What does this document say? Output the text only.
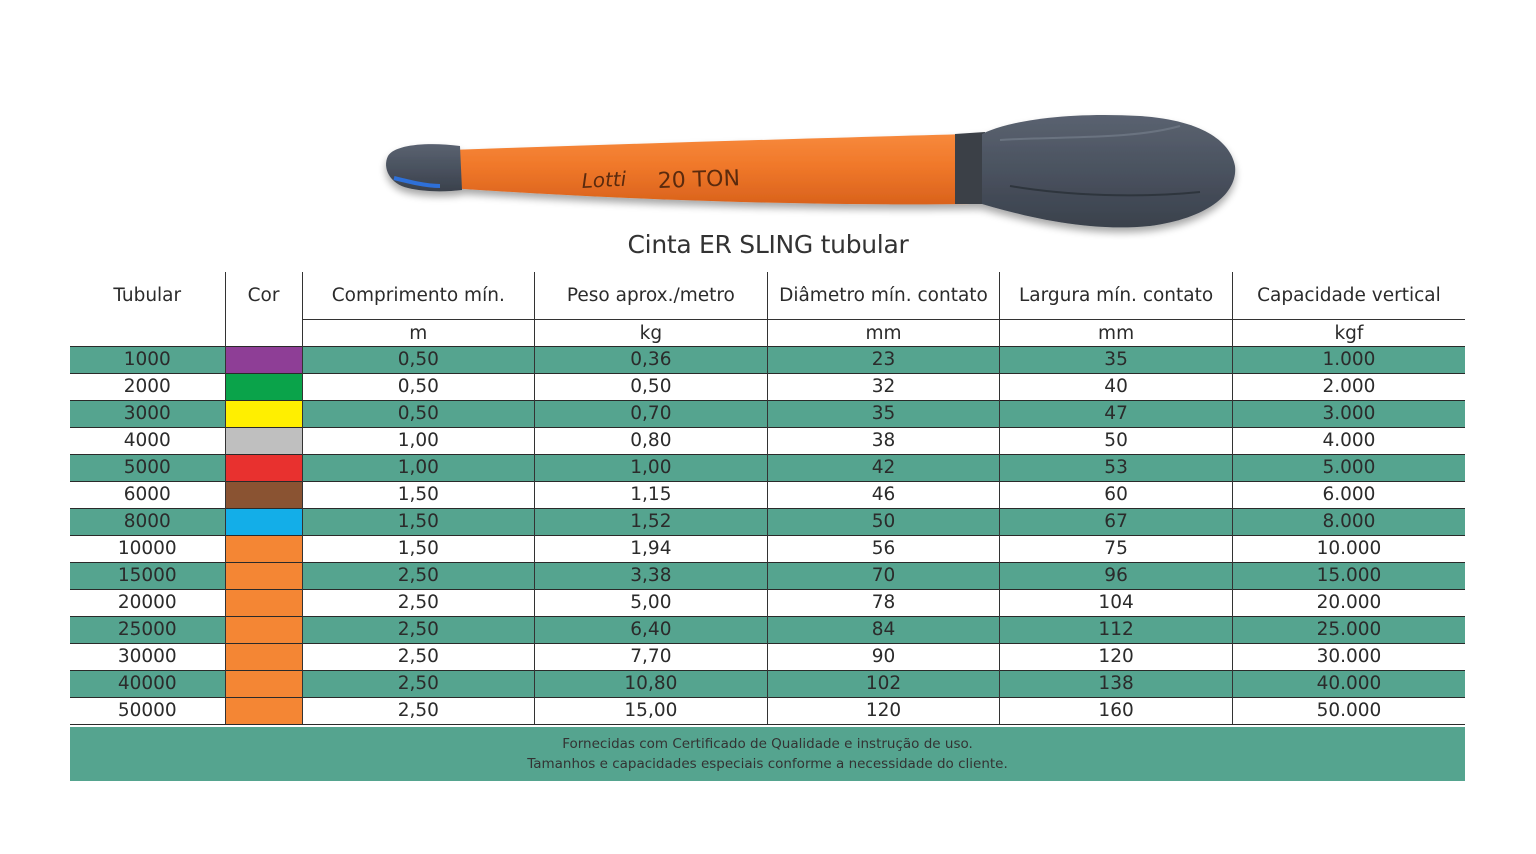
Lotti 20 TON
Cinta ER SLING tubular
Tubular	Cor	Comprimento mín.	Peso aprox./metro	Diâmetro mín. contato	Largura mín. contato	Capacidade vertical
		m	kg	mm	mm	kgf
1000		0,50	0,36	23	35	1.000
2000		0,50	0,50	32	40	2.000
3000		0,50	0,70	35	47	3.000
4000		1,00	0,80	38	50	4.000
5000		1,00	1,00	42	53	5.000
6000		1,50	1,15	46	60	6.000
8000		1,50	1,52	50	67	8.000
10000		1,50	1,94	56	75	10.000
15000		2,50	3,38	70	96	15.000
20000		2,50	5,00	78	104	20.000
25000		2,50	6,40	84	112	25.000
30000		2,50	7,70	90	120	30.000
40000		2,50	10,80	102	138	40.000
50000		2,50	15,00	120	160	50.000
Fornecidas com Certificado de Qualidade e instrução de uso.
Tamanhos e capacidades especiais conforme a necessidade do cliente.
